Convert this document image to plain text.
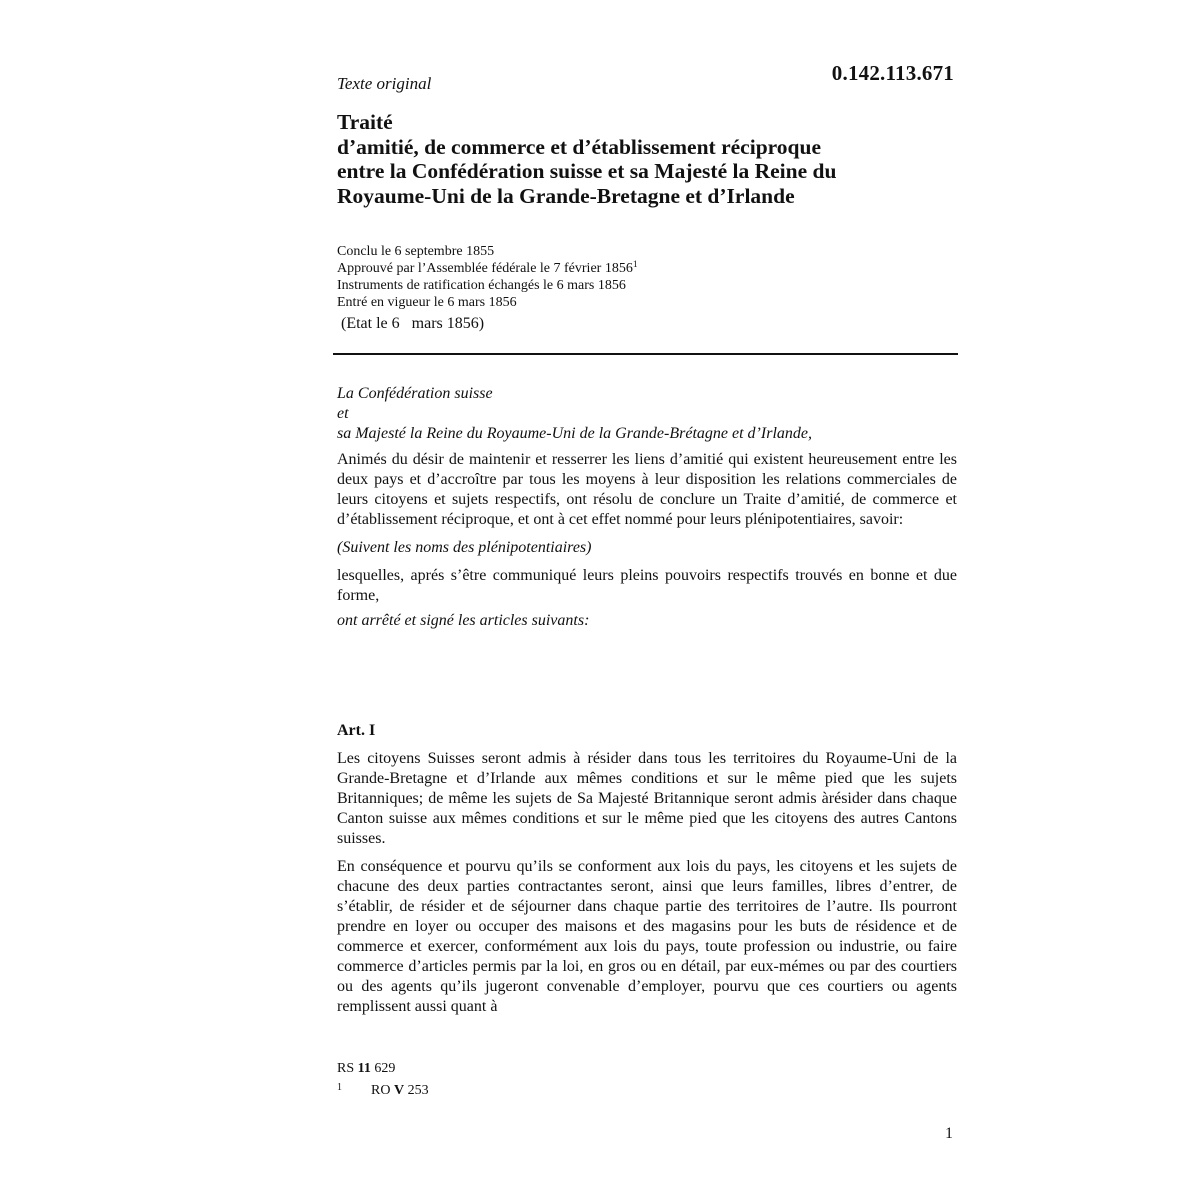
Texte original	0.142.113.671
Traité
d’amitié, de commerce et d’établissement réciproque
entre la Confédération suisse et sa Majesté la Reine du
Royaume-Uni de la Grande-Bretagne et d’Irlande
Conclu le 6 septembre 1855
Approuvé par l’Assemblée fédérale le 7 février 1856$^1$
Instruments de ratification échangés le 6 mars 1856
Entré en vigueur le 6 mars 1856
(Etat le 6   mars 1856)
La Confédération suisse
et
sa Majesté la Reine du Royaume-Uni de la Grande-Brétagne et d’Irlande,

Animés du désir de maintenir et resserrer les liens d’amitié qui existent heureusement entre les deux pays et d’accroître par tous les moyens à leur disposition les relations commerciales de leurs citoyens et sujets respectifs, ont résolu de conclure un Traite d’amitié, de commerce et d’établissement réciproque, et ont à cet effet nommé pour leurs plénipotentiaires, savoir:

(Suivent les noms des plénipotentiaires)

lesquelles, aprés s’être communiqué leurs pleins pouvoirs respectifs trouvés en bonne et due forme,

ont arrêté et signé les articles suivants:

Art. I

Les citoyens Suisses seront admis à résider dans tous les territoires du Royaume-Uni de la Grande-Bretagne et d’Irlande aux mêmes conditions et sur le même pied que les sujets Britanniques; de même les sujets de Sa Majesté Britannique seront admis àrésider dans chaque Canton suisse aux mêmes conditions et sur le même pied que les citoyens des autres Cantons suisses.

En conséquence et pourvu qu’ils se conforment aux lois du pays, les citoyens et les sujets de chacune des deux parties contractantes seront, ainsi que leurs familles, libres d’entrer, de s’établir, de résider et de séjourner dans chaque partie des territoires de l’autre. Ils pourront prendre en loyer ou occuper des maisons et des magasins pour les buts de résidence et de commerce et exercer, conformément aux lois du pays, toute profession ou industrie, ou faire commerce d’articles permis par la loi, en gros ou en détail, par eux-mémes ou par des courtiers ou des agents qu’ils jugeront convenable d’employer, pourvu que ces courtiers ou agents remplissent aussi quant à

RS 11 629
1 RO V 253
1
